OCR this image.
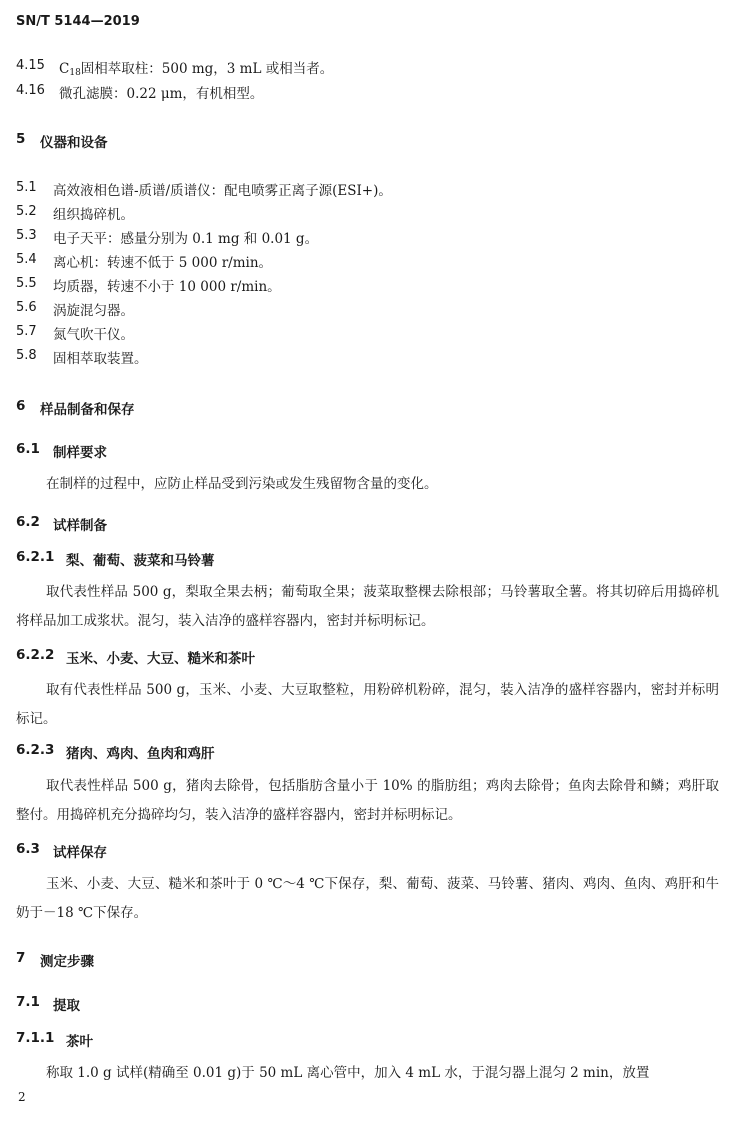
SN/T 5144—2019
4.15 $C_{18}$固相萃取柱：500 mg，3 mL 或相当者。
4.16 微孔滤膜：0.22 μm，有机相型。
5 仪器和设备
5.1 高效液相色谱-质谱/质谱仪：配电喷雾正离子源(ESI+)。
5.2 组织捣碎机。
5.3 电子天平：感量分别为 0.1 mg 和 0.01 g。
5.4 离心机：转速不低于 5 000 r/min。
5.5 均质器，转速不小于 10 000 r/min。
5.6 涡旋混匀器。
5.7 氮气吹干仪。
5.8 固相萃取装置。
6 样品制备和保存
6.1 制样要求
在制样的过程中，应防止样品受到污染或发生残留物含量的变化。
6.2 试样制备
6.2.1 梨、葡萄、菠菜和马铃薯
取代表性样品 500 g，梨取全果去柄；葡萄取全果；菠菜取整棵去除根部；马铃薯取全薯。将其切碎后用捣碎机将样品加工成浆状。混匀，装入洁净的盛样容器内，密封并标明标记。
6.2.2 玉米、小麦、大豆、糙米和茶叶
取有代表性样品 500 g，玉米、小麦、大豆取整粒，用粉碎机粉碎，混匀，装入洁净的盛样容器内，密封并标明标记。
6.2.3 猪肉、鸡肉、鱼肉和鸡肝
取代表性样品 500 g，猪肉去除骨，包括脂肪含量小于 10% 的脂肪组；鸡肉去除骨；鱼肉去除骨和鳞；鸡肝取整付。用捣碎机充分捣碎均匀，装入洁净的盛样容器内，密封并标明标记。
6.3 试样保存
玉米、小麦、大豆、糙米和茶叶于 0 ℃～4 ℃下保存，梨、葡萄、菠菜、马铃薯、猪肉、鸡肉、鱼肉、鸡肝和牛奶于－18 ℃下保存。
7 测定步骤
7.1 提取
7.1.1 茶叶
称取 1.0 g 试样(精确至 0.01 g)于 50 mL 离心管中，加入 4 mL 水，于混匀器上混匀 2 min，放置
2
